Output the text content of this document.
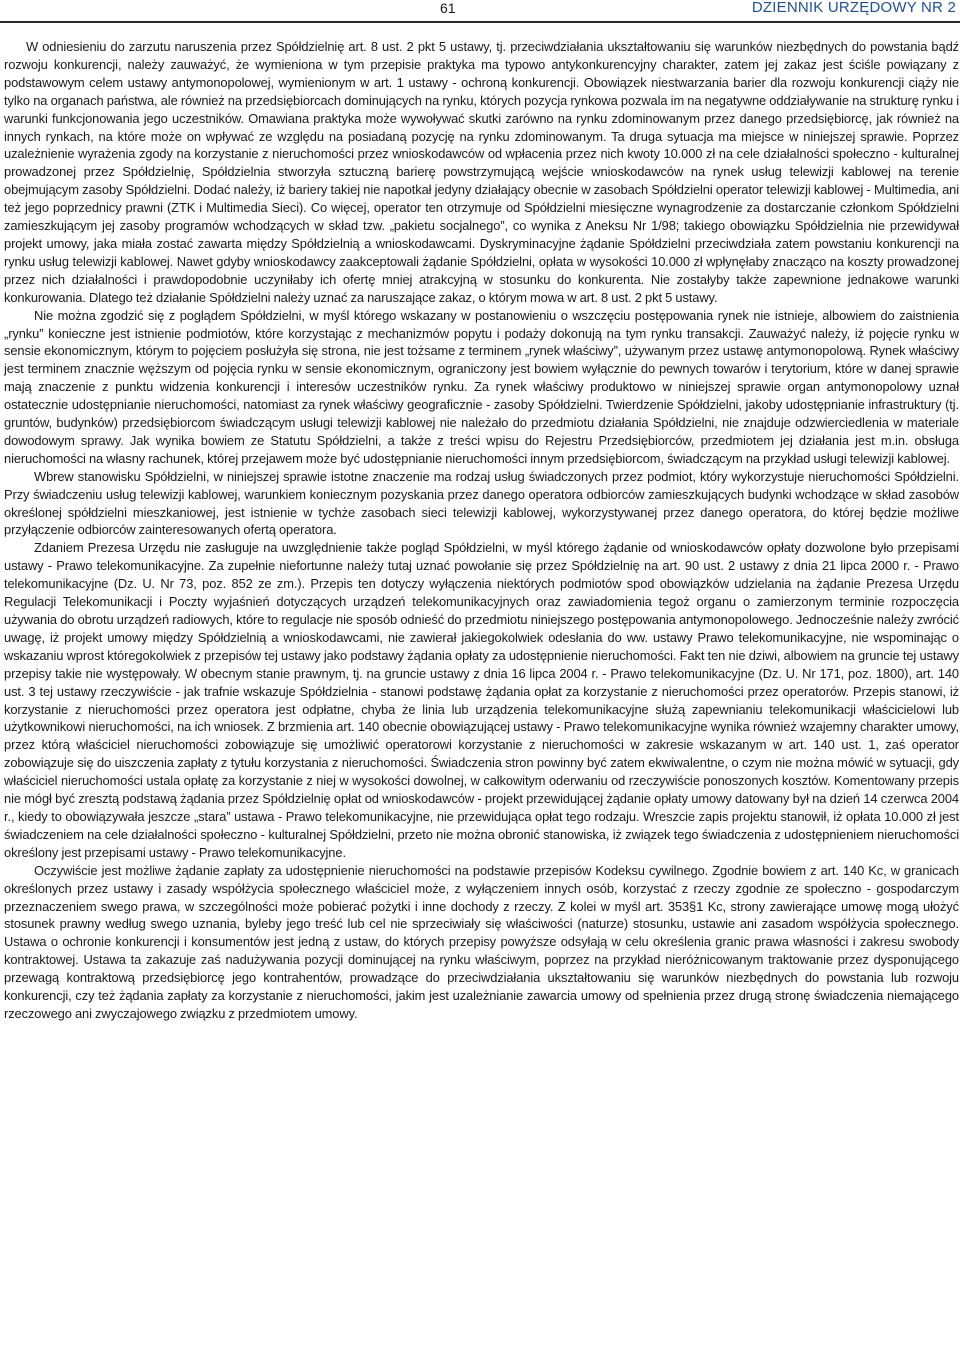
61	DZIENNIK URZĘDOWY NR 2

W odniesieniu do zarzutu naruszenia przez Spółdzielnię art. 8 ust. 2 pkt 5 ustawy, tj. przeciwdziałania ukształtowaniu się warunków niezbędnych do powstania bądź rozwoju konkurencji, należy zauważyć, że wymieniona w tym przepisie praktyka ma typowo antykonkurencyjny charakter, zatem jej zakaz jest ściśle powiązany z podstawowym celem ustawy antymonopolowej, wymienionym w art. 1 ustawy - ochroną konkurencji. Obowiązek niestwarzania barier dla rozwoju konkurencji ciąży nie tylko na organach państwa, ale również na przedsiębiorcach dominujących na rynku, których pozycja rynkowa pozwala im na negatywne oddziaływanie na strukturę rynku i warunki funkcjonowania jego uczestników. Omawiana praktyka może wywoływać skutki zarówno na rynku zdominowanym przez danego przedsiębiorcę, jak również na innych rynkach, na które może on wpływać ze względu na posiadaną pozycję na rynku zdominowanym. Ta druga sytuacja ma miejsce w niniejszej sprawie. Poprzez uzależnienie wyrażenia zgody na korzystanie z nieruchomości przez wnioskodawców od wpłacenia przez nich kwoty 10.000 zł na cele działalności społeczno - kulturalnej prowadzonej przez Spółdzielnię, Spółdzielnia stworzyła sztuczną barierę powstrzymującą wejście wnioskodawców na rynek usług telewizji kablowej na terenie obejmującym zasoby Spółdzielni. Dodać należy, iż bariery takiej nie napotkał jedyny działający obecnie w zasobach Spółdzielni operator telewizji kablowej - Multimedia, ani też jego poprzednicy prawni (ZTK i Multimedia Sieci). Co więcej, operator ten otrzymuje od Spółdzielni miesięczne wynagrodzenie za dostarczanie członkom Spółdzielni zamieszkującym jej zasoby programów wchodzących w skład tzw. „pakietu socjalnego”, co wynika z Aneksu Nr 1/98; takiego obowiązku Spółdzielnia nie przewidywał projekt umowy, jaka miała zostać zawarta między Spółdzielnią a wnioskodawcami. Dyskryminacyjne żądanie Spółdzielni przeciwdziała zatem powstaniu konkurencji na rynku usług telewizji kablowej. Nawet gdyby wnioskodawcy zaakceptowali żądanie Spółdzielni, opłata w wysokości 10.000 zł wpłynęłaby znacząco na koszty prowadzonej przez nich działalności i prawdopodobnie uczyniłaby ich ofertę mniej atrakcyjną w stosunku do konkurenta. Nie zostałyby także zapewnione jednakowe warunki konkurowania. Dlatego też działanie Spółdzielni należy uznać za naruszające zakaz, o którym mowa w art. 8 ust. 2 pkt 5 ustawy.

Nie można zgodzić się z poglądem Spółdzielni, w myśl którego wskazany w postanowieniu o wszczęciu postępowania rynek nie istnieje, albowiem do zaistnienia „rynku” konieczne jest istnienie podmiotów, które korzystając z mechanizmów popytu i podaży dokonują na tym rynku transakcji. Zauważyć należy, iż pojęcie rynku w sensie ekonomicznym, którym to pojęciem posłużyła się strona, nie jest tożsame z terminem „rynek właściwy”, używanym przez ustawę antymonopolową. Rynek właściwy jest terminem znacznie węższym od pojęcia rynku w sensie ekonomicznym, ograniczony jest bowiem wyłącznie do pewnych towarów i terytorium, które w danej sprawie mają znaczenie z punktu widzenia konkurencji i interesów uczestników rynku. Za rynek właściwy produktowo w niniejszej sprawie organ antymonopolowy uznał ostatecznie udostępnianie nieruchomości, natomiast za rynek właściwy geograficznie - zasoby Spółdzielni. Twierdzenie Spółdzielni, jakoby udostępnianie infrastruktury (tj. gruntów, budynków) przedsiębiorcom świadczącym usługi telewizji kablowej nie należało do przedmiotu działania Spółdzielni, nie znajduje odzwierciedlenia w materiale dowodowym sprawy. Jak wynika bowiem ze Statutu Spółdzielni, a także z treści wpisu do Rejestru Przedsiębiorców, przedmiotem jej działania jest m.in. obsługa nieruchomości na własny rachunek, której przejawem może być udostępnianie nieruchomości innym przedsiębiorcom, świadczącym na przykład usługi telewizji kablowej.

Wbrew stanowisku Spółdzielni, w niniejszej sprawie istotne znaczenie ma rodzaj usług świadczonych przez podmiot, który wykorzystuje nieruchomości Spółdzielni. Przy świadczeniu usług telewizji kablowej, warunkiem koniecznym pozyskania przez danego operatora odbiorców zamieszkujących budynki wchodzące w skład zasobów określonej spółdzielni mieszkaniowej, jest istnienie w tychże zasobach sieci telewizji kablowej, wykorzystywanej przez danego operatora, do której będzie możliwe przyłączenie odbiorców zainteresowanych ofertą operatora.

Zdaniem Prezesa Urzędu nie zasługuje na uwzględnienie także pogląd Spółdzielni, w myśl którego żądanie od wnioskodawców opłaty dozwolone było przepisami ustawy - Prawo telekomunikacyjne. Za zupełnie niefortunne należy tutaj uznać powołanie się przez Spółdzielnię na art. 90 ust. 2 ustawy z dnia 21 lipca 2000 r. - Prawo telekomunikacyjne (Dz. U. Nr 73, poz. 852 ze zm.). Przepis ten dotyczy wyłączenia niektórych podmiotów spod obowiązków udzielania na żądanie Prezesa Urzędu Regulacji Telekomunikacji i Poczty wyjaśnień dotyczących urządzeń telekomunikacyjnych oraz zawiadomienia tegoż organu o zamierzonym terminie rozpoczęcia używania do obrotu urządzeń radiowych, które to regulacje nie sposób odnieść do przedmiotu niniejszego postępowania antymonopolowego. Jednocześnie należy zwrócić uwagę, iż projekt umowy między Spółdzielnią a wnioskodawcami, nie zawierał jakiegokolwiek odesłania do ww. ustawy Prawo telekomunikacyjne, nie wspominając o wskazaniu wprost któregokolwiek z przepisów tej ustawy jako podstawy żądania opłaty za udostępnienie nieruchomości. Fakt ten nie dziwi, albowiem na gruncie tej ustawy przepisy takie nie występowały. W obecnym stanie prawnym, tj. na gruncie ustawy z dnia 16 lipca 2004 r. - Prawo telekomunikacyjne (Dz. U. Nr 171, poz. 1800), art. 140 ust. 3 tej ustawy rzeczywiście - jak trafnie wskazuje Spółdzielnia - stanowi podstawę żądania opłat za korzystanie z nieruchomości przez operatorów. Przepis stanowi, iż korzystanie z nieruchomości przez operatora jest odpłatne, chyba że linia lub urządzenia telekomunikacyjne służą zapewnianiu telekomunikacji właścicielowi lub użytkownikowi nieruchomości, na ich wniosek. Z brzmienia art. 140 obecnie obowiązującej ustawy - Prawo telekomunikacyjne wynika również wzajemny charakter umowy, przez którą właściciel nieruchomości zobowiązuje się umożliwić operatorowi korzystanie z nieruchomości w zakresie wskazanym w art. 140 ust. 1, zaś operator zobowiązuje się do uiszczenia zapłaty z tytułu korzystania z nieruchomości. Świadczenia stron powinny być zatem ekwiwalentne, o czym nie można mówić w sytuacji, gdy właściciel nieruchomości ustala opłatę za korzystanie z niej w wysokości dowolnej, w całkowitym oderwaniu od rzeczywiście ponoszonych kosztów. Komentowany przepis nie mógł być zresztą podstawą żądania przez Spółdzielnię opłat od wnioskodawców - projekt przewidującej żądanie opłaty umowy datowany był na dzień 14 czerwca 2004 r., kiedy to obowiązywała jeszcze „stara” ustawa - Prawo telekomunikacyjne, nie przewidująca opłat tego rodzaju. Wreszcie zapis projektu stanowił, iż opłata 10.000 zł jest świadczeniem na cele działalności społeczno - kulturalnej Spółdzielni, przeto nie można obronić stanowiska, iż związek tego świadczenia z udostępnieniem nieruchomości określony jest przepisami ustawy - Prawo telekomunikacyjne.

Oczywiście jest możliwe żądanie zapłaty za udostępnienie nieruchomości na podstawie przepisów Kodeksu cywilnego. Zgodnie bowiem z art. 140 Kc, w granicach określonych przez ustawy i zasady współżycia społecznego właściciel może, z wyłączeniem innych osób, korzystać z rzeczy zgodnie ze społeczno - gospodarczym przeznaczeniem swego prawa, w szczególności może pobierać pożytki i inne dochody z rzeczy. Z kolei w myśl art. 353§1 Kc, strony zawierające umowę mogą ułożyć stosunek prawny według swego uznania, byleby jego treść lub cel nie sprzeciwiały się właściwości (naturze) stosunku, ustawie ani zasadom współżycia społecznego. Ustawa o ochronie konkurencji i konsumentów jest jedną z ustaw, do których przepisy powyższe odsyłają w celu określenia granic prawa własności i zakresu swobody kontraktowej. Ustawa ta zakazuje zaś nadużywania pozycji dominującej na rynku właściwym, poprzez na przykład nieróżnicowanym traktowanie przez dysponującego przewagą kontraktową przedsiębiorcę jego kontrahentów, prowadzące do przeciwdziałania ukształtowaniu się warunków niezbędnych do powstania lub rozwoju konkurencji, czy też żądania zapłaty za korzystanie z nieruchomości, jakim jest uzależnianie zawarcia umowy od spełnienia przez drugą stronę świadczenia niemającego rzeczowego ani zwyczajowego związku z przedmiotem umowy.
